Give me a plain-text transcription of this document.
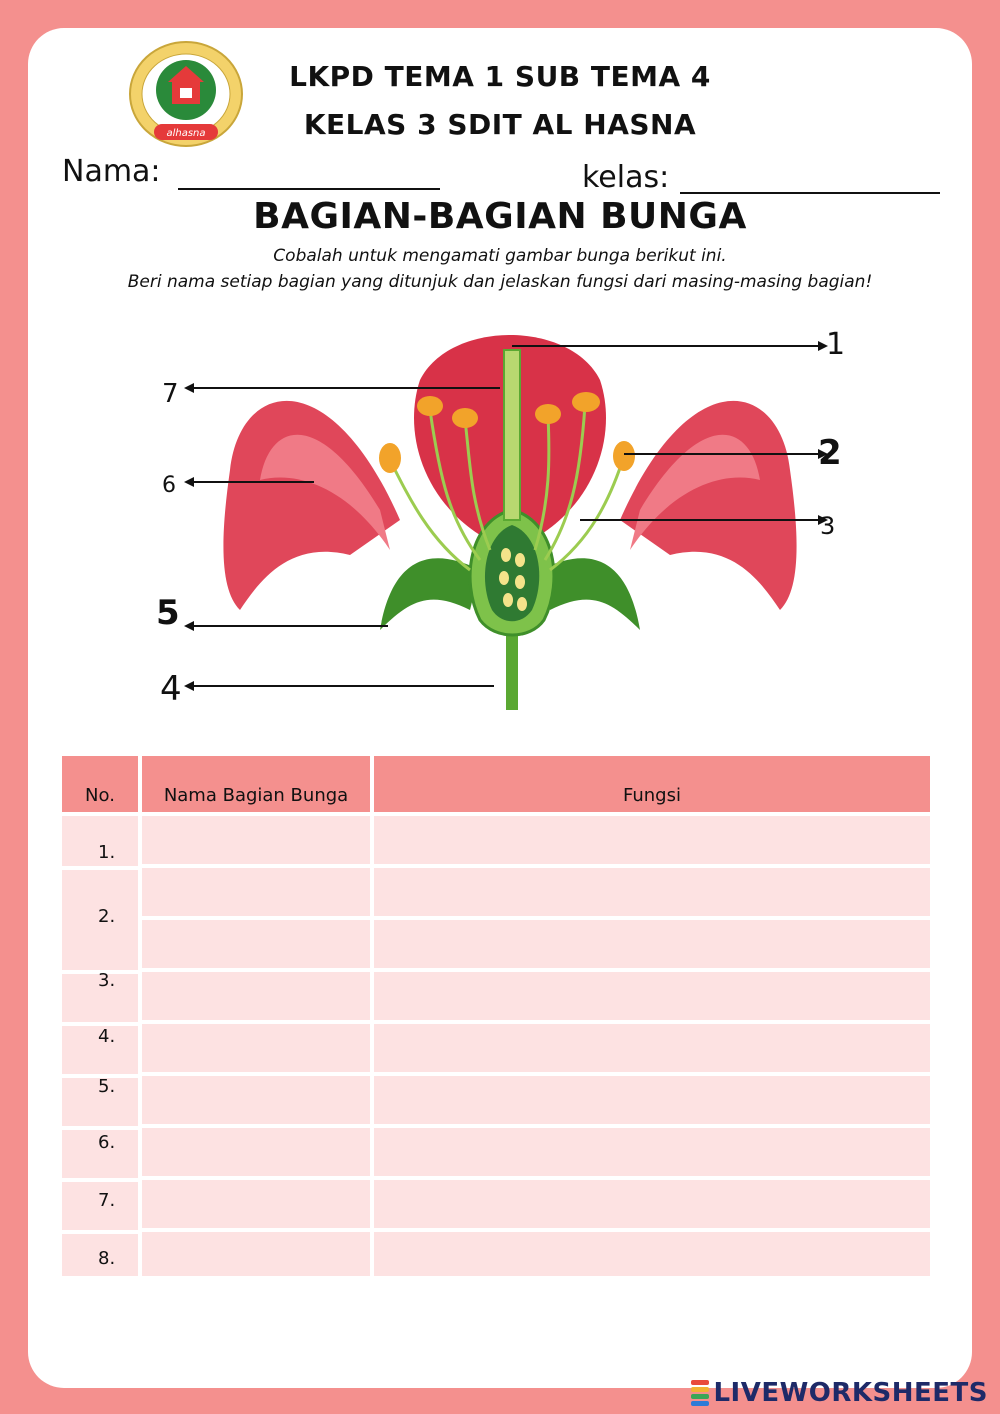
alhasna
LKPD TEMA 1 SUB TEMA 4
KELAS 3 SDIT AL HASNA
Nama:	kelas:
BAGIAN-BAGIAN BUNGA
Cobalah untuk mengamati gambar bunga berikut ini.
Beri nama setiap bagian yang ditunjuk dan jelaskan fungsi dari masing-masing bagian!
1
2
3
4
5
6
7
No.	Nama Bagian Bunga	Fungsi
1.
2.
3.
4.
5.
6.
7.
8.
LIVEWORKSHEETS
